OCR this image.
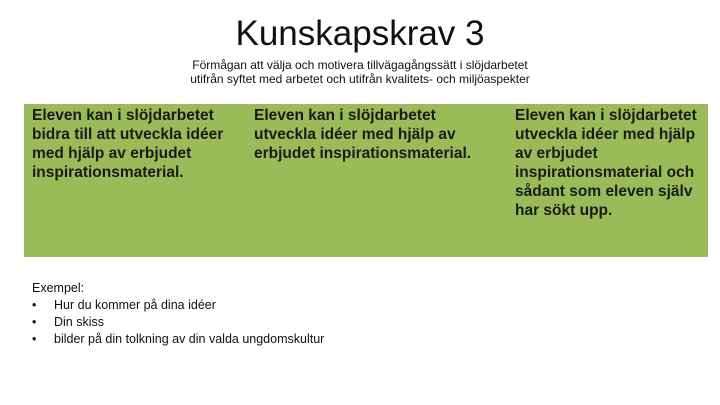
Kunskapskrav 3
Förmågan att välja och motivera tillvägagångssätt i slöjdarbetet
utifrån syftet med arbetet och utifrån kvalitets- och miljöaspekter
Eleven kan i slöjdarbetet bidra till att utveckla idéer med hjälp av erbjudet inspirationsmaterial.
Eleven kan i slöjdarbetet utveckla idéer med hjälp av erbjudet inspirationsmaterial.
Eleven kan i slöjdarbetet utveckla idéer med hjälp av erbjudet inspirationsmaterial och sådant som eleven själv har sökt upp.
Exempel:
• Hur du kommer på dina idéer
• Din skiss
• bilder på din tolkning av din valda ungdomskultur
